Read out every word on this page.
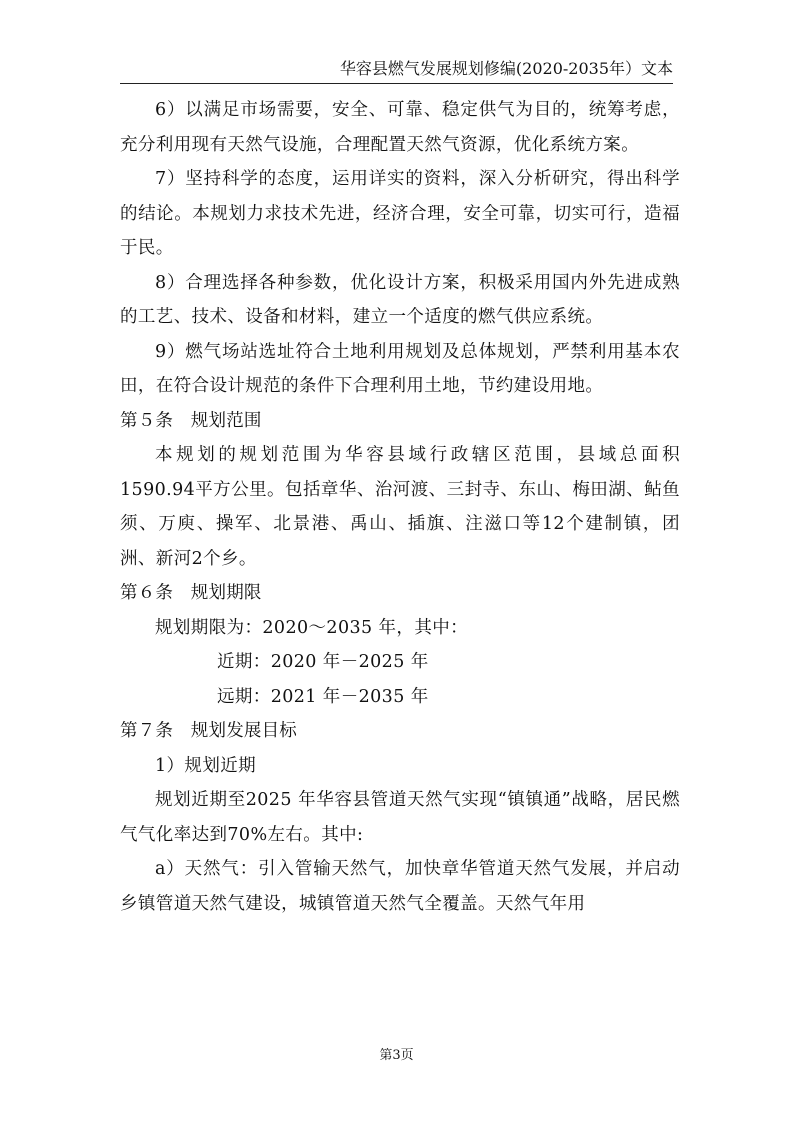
华容县燃气发展规划修编(2020-2035年）文本

6）以满足市场需要，安全、可靠、稳定供气为目的，统筹考虑，充分利用现有天然气设施，合理配置天然气资源，优化系统方案。

7）坚持科学的态度，运用详实的资料，深入分析研究，得出科学的结论。本规划力求技术先进，经济合理，安全可靠，切实可行，造福于民。

8）合理选择各种参数，优化设计方案，积极采用国内外先进成熟的工艺、技术、设备和材料，建立一个适度的燃气供应系统。

9）燃气场站选址符合土地利用规划及总体规划，严禁利用基本农田，在符合设计规范的条件下合理利用土地，节约建设用地。

第５条　规划范围

本规划的规划范围为华容县域行政辖区范围，县域总面积 1590.94平方公里。包括章华、治河渡、三封寺、东山、梅田湖、鲇鱼须、万庾、操军、北景港、禹山、插旗、注滋口等12个建制镇，团洲、新河2个乡。

第６条　规划期限

规划期限为：2020～2035 年，其中：

近期：2020 年－2025 年

远期：2021 年－2035 年

第７条　规划发展目标

1）规划近期

规划近期至2025 年华容县管道天然气实现“镇镇通”战略，居民燃气气化率达到70%左右。其中:

a）天然气：引入管输天然气，加快章华管道天然气发展，并启动乡镇管道天然气建设，城镇管道天然气全覆盖。天然气年用

第3页
